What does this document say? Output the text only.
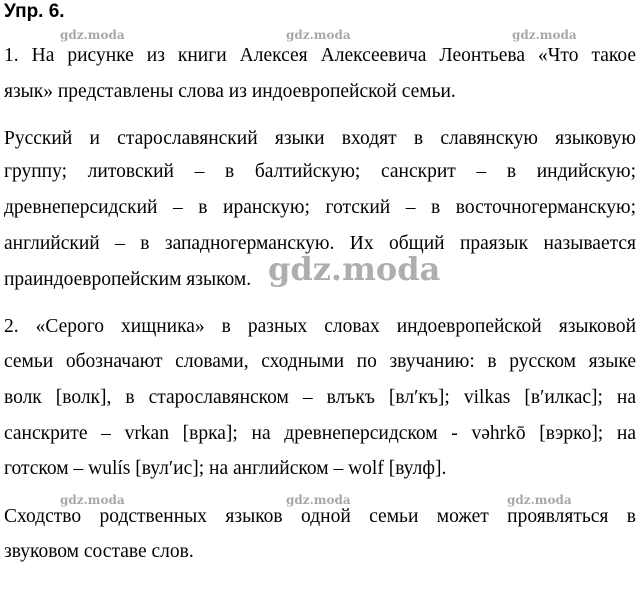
Упр. 6.

1. На рисунке из книги Алексея Алексеевича Леонтьева «Что такое

язык» представлены слова из индоевропейской семьи.

Русский и старославянский языки входят в славянскую языковую

группу; литовский – в балтийскую; санскрит – в индийскую;

древнеперсидский – в иранскую; готский – в восточногерманскую;

английский – в западногерманскую. Их общий праязык называется

праиндоевропейским языком.

2. «Серого хищника» в разных словах индоевропейской языковой

семьи обозначают словами, сходными по звучанию: в русском языке

волк [волк], в старославянском – влъкъ [вл′къ]; vilkas [в′илкас]; на

санскрите – vrkan [врка]; на древнеперсидском - vəhrkō [вэрко]; на

готском – wulís [вул′ис]; на английском – wolf [вулф].

Сходство родственных языков одной семьи может проявляться в

звуковом составе слов.

gdz.moda	gdz.moda	gdz.moda
gdz.moda
gdz.moda	gdz.moda	gdz.moda
